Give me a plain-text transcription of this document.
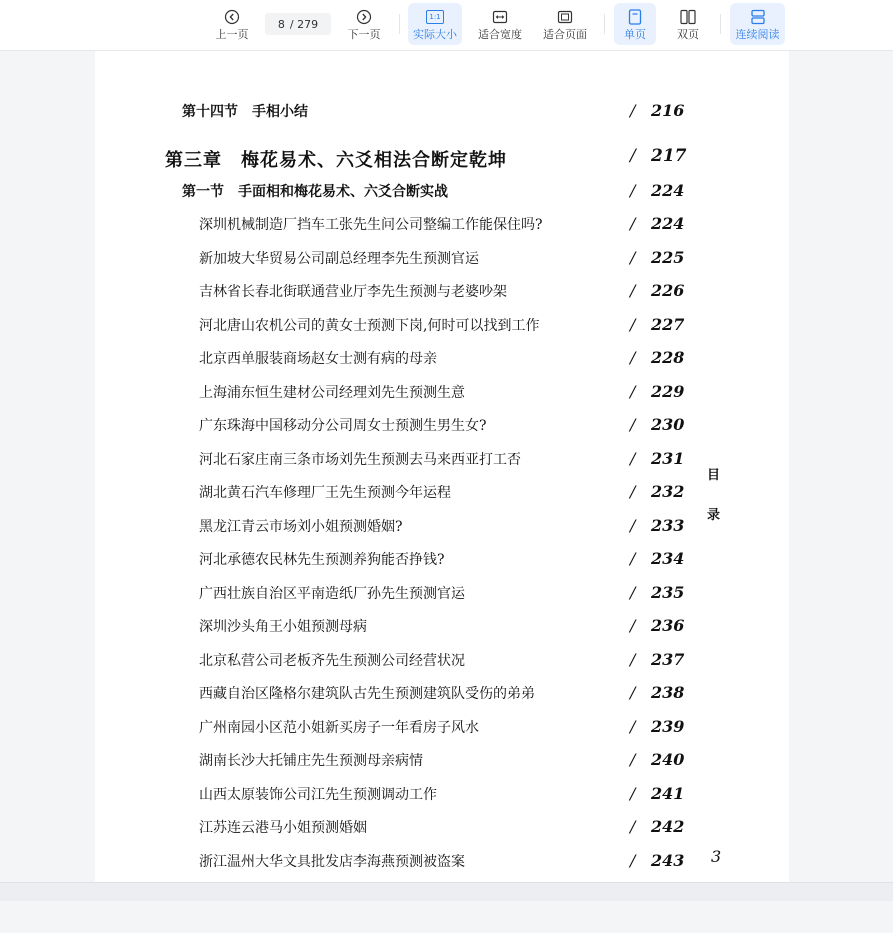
上一页
8 / 279
下一页
1:1
实际大小 适合宽度 适合页面	单页	双页	连续阅读
第十四节　手相小结	/ 216
第三章　梅花易术、六爻相法合断定乾坤	/ 217
第一节　手面相和梅花易术、六爻合断实战	/ 224
深圳机械制造厂挡车工张先生问公司整编工作能保住吗?	/ 224
新加坡大华贸易公司副总经理李先生预测官运	/ 225
吉林省长春北街联通营业厅李先生预测与老婆吵架	/ 226
河北唐山农机公司的黄女士预测下岗,何时可以找到工作	/ 227
北京西单服装商场赵女士测有病的母亲	/ 228
上海浦东恒生建材公司经理刘先生预测生意	/ 229
广东珠海中国移动分公司周女士预测生男生女?	/ 230
河北石家庄南三条市场刘先生预测去马来西亚打工否	/ 231
湖北黄石汽车修理厂王先生预测今年运程	/ 232
黑龙江青云市场刘小姐预测婚姻?	/ 233
河北承德农民林先生预测养狗能否挣钱?	/ 234
广西壮族自治区平南造纸厂孙先生预测官运	/ 235
深圳沙头角王小姐预测母病	/ 236
北京私营公司老板齐先生预测公司经营状况	/ 237
西藏自治区隆格尔建筑队古先生预测建筑队受伤的弟弟	/ 238
广州南园小区范小姐新买房子一年看房子风水	/ 239
湖南长沙大托铺庄先生预测母亲病情	/ 240
山西太原装饰公司江先生预测调动工作	/ 241
江苏连云港马小姐预测婚姻	/ 242
浙江温州大华文具批发店李海燕预测被盗案	/ 243
目
录
3
